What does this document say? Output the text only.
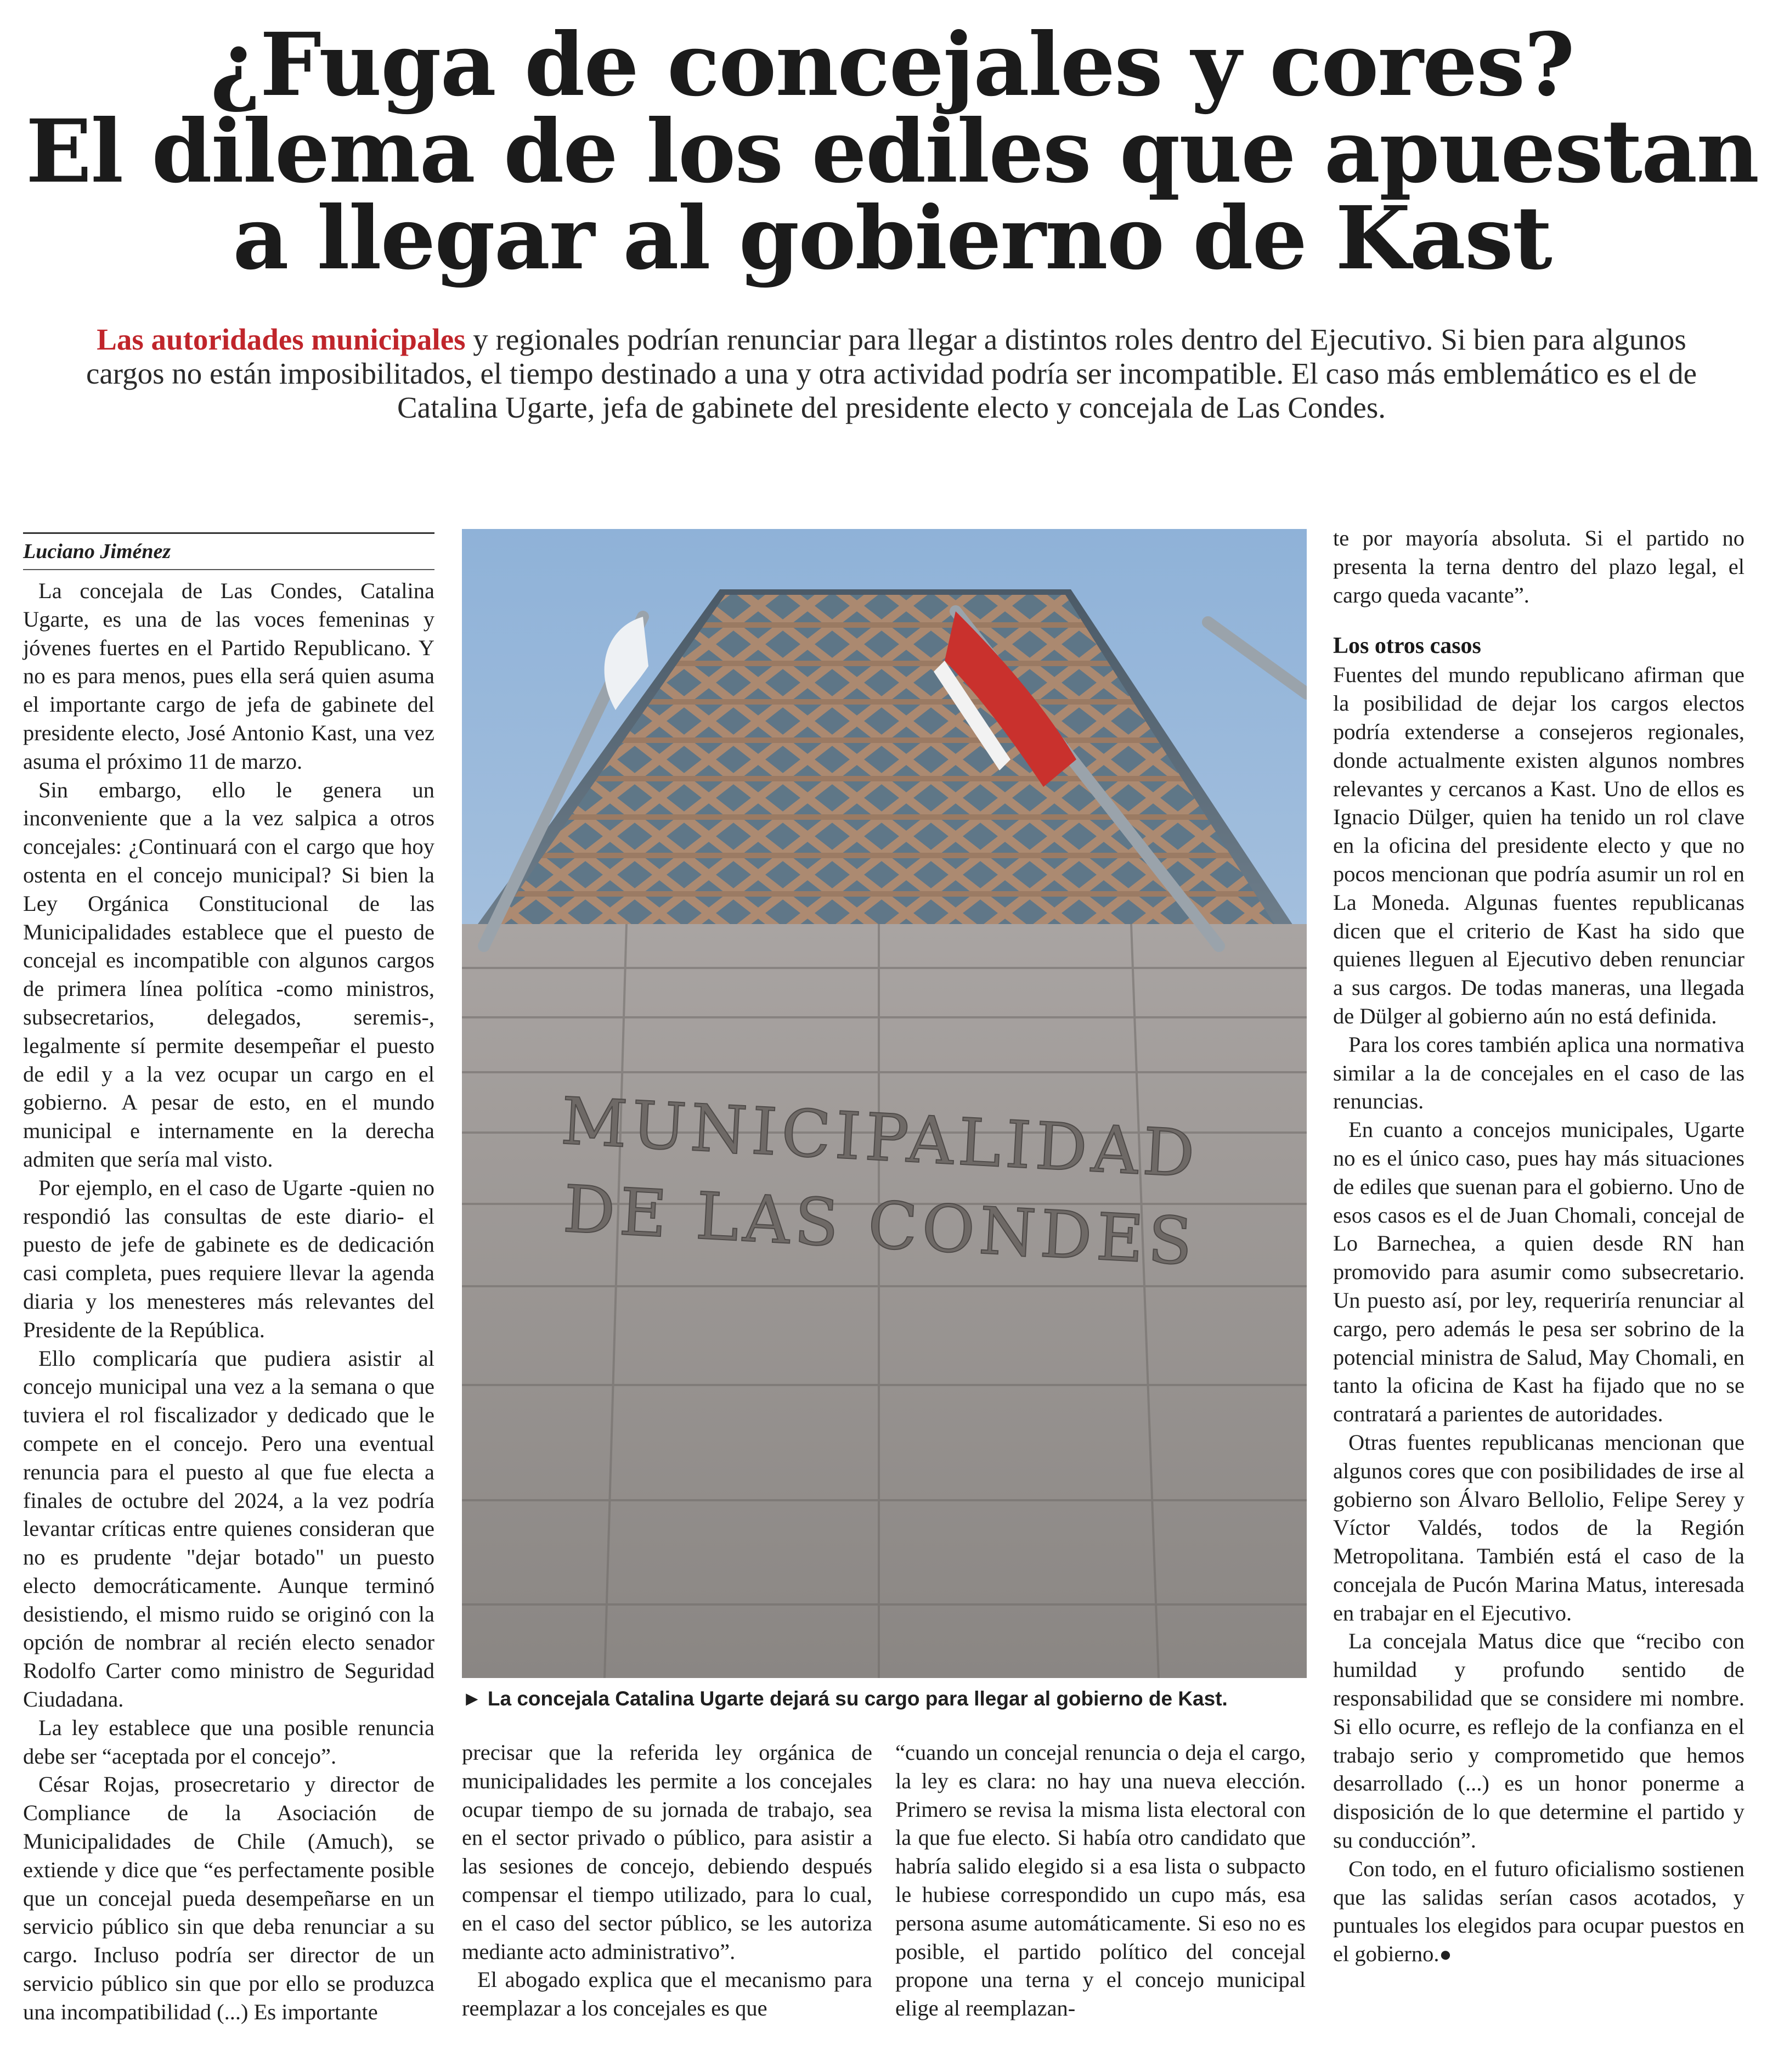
¿Fuga de concejales y cores?
El dilema de los ediles que apuestan
a llegar al gobierno de Kast

Las autoridades municipales y regionales podrían renunciar para llegar a distintos roles dentro del Ejecutivo. Si bien para algunos cargos no están imposibilitados, el tiempo destinado a una y otra actividad podría ser incompatible. El caso más emblemático es el de Catalina Ugarte, jefa de gabinete del presidente electo y concejala de Las Condes.

Luciano Jiménez

La concejala de Las Condes, Catalina Ugarte, es una de las voces femeninas y jóvenes fuertes en el Partido Republicano. Y no es para menos, pues ella será quien asuma el importante cargo de jefa de gabinete del presidente electo, José Antonio Kast, una vez asuma el próximo 11 de marzo.

Sin embargo, ello le genera un inconveniente que a la vez salpica a otros concejales: ¿Continuará con el cargo que hoy ostenta en el concejo municipal? Si bien la Ley Orgánica Constitucional de las Municipalidades establece que el puesto de concejal es incompatible con algunos cargos de primera línea política -como ministros, subsecretarios, delegados, seremis-, legalmente sí permite desempeñar el puesto de edil y a la vez ocupar un cargo en el gobierno. A pesar de esto, en el mundo municipal e internamente en la derecha admiten que sería mal visto.

Por ejemplo, en el caso de Ugarte -quien no respondió las consultas de este diario- el puesto de jefe de gabinete es de dedicación casi completa, pues requiere llevar la agenda diaria y los menesteres más relevantes del Presidente de la República.

Ello complicaría que pudiera asistir al concejo municipal una vez a la semana o que tuviera el rol fiscalizador y dedicado que le compete en el concejo. Pero una eventual renuncia para el puesto al que fue electa a finales de octubre del 2024, a la vez podría levantar críticas entre quienes consideran que no es prudente "dejar botado" un puesto electo democráticamente. Aunque terminó desistiendo, el mismo ruido se originó con la opción de nombrar al recién electo senador Rodolfo Carter como ministro de Seguridad Ciudadana.

La ley establece que una posible renuncia debe ser “aceptada por el concejo”.

César Rojas, prosecretario y director de Compliance de la Asociación de Municipalidades de Chile (Amuch), se extiende y dice que “es perfectamente posible que un concejal pueda desempeñarse en un servicio público sin que deba renunciar a su cargo. Incluso podría ser director de un servicio público sin que por ello se produzca una incompatibilidad (...) Es importante

MUNICIPALIDAD
DE LAS CONDES
► La concejala Catalina Ugarte dejará su cargo para llegar al gobierno de Kast.

precisar que la referida ley orgánica de municipalidades les permite a los concejales ocupar tiempo de su jornada de trabajo, sea en el sector privado o público, para asistir a las sesiones de concejo, debiendo después compensar el tiempo utilizado, para lo cual, en el caso del sector público, se les autoriza mediante acto administrativo”.

El abogado explica que el mecanismo para reemplazar a los concejales es que

“cuando un concejal renuncia o deja el cargo, la ley es clara: no hay una nueva elección. Primero se revisa la misma lista electoral con la que fue electo. Si había otro candidato que habría salido elegido si a esa lista o subpacto le hubiese correspondido un cupo más, esa persona asume automáticamente. Si eso no es posible, el partido político del concejal propone una terna y el concejo municipal elige al reemplazan-

te por mayoría absoluta. Si el partido no presenta la terna dentro del plazo legal, el cargo queda vacante”.

Los otros casos

Fuentes del mundo republicano afirman que la posibilidad de dejar los cargos electos podría extenderse a consejeros regionales, donde actualmente existen algunos nombres relevantes y cercanos a Kast. Uno de ellos es Ignacio Dülger, quien ha tenido un rol clave en la oficina del presidente electo y que no pocos mencionan que podría asumir un rol en La Moneda. Algunas fuentes republicanas dicen que el criterio de Kast ha sido que quienes lleguen al Ejecutivo deben renunciar a sus cargos. De todas maneras, una llegada de Dülger al gobierno aún no está definida.

Para los cores también aplica una normativa similar a la de concejales en el caso de las renuncias.

En cuanto a concejos municipales, Ugarte no es el único caso, pues hay más situaciones de ediles que suenan para el gobierno. Uno de esos casos es el de Juan Chomali, concejal de Lo Barnechea, a quien desde RN han promovido para asumir como subsecretario. Un puesto así, por ley, requeriría renunciar al cargo, pero además le pesa ser sobrino de la potencial ministra de Salud, May Chomali, en tanto la oficina de Kast ha fijado que no se contratará a parientes de autoridades.

Otras fuentes republicanas mencionan que algunos cores que con posibilidades de irse al gobierno son Álvaro Bellolio, Felipe Serey y Víctor Valdés, todos de la Región Metropolitana. También está el caso de la concejala de Pucón Marina Matus, interesada en trabajar en el Ejecutivo.

La concejala Matus dice que “recibo con humildad y profundo sentido de responsabilidad que se considere mi nombre. Si ello ocurre, es reflejo de la confianza en el trabajo serio y comprometido que hemos desarrollado (...) es un honor ponerme a disposición de lo que determine el partido y su conducción”.

Con todo, en el futuro oficialismo sostienen que las salidas serían casos acotados, y puntuales los elegidos para ocupar puestos en el gobierno.●
